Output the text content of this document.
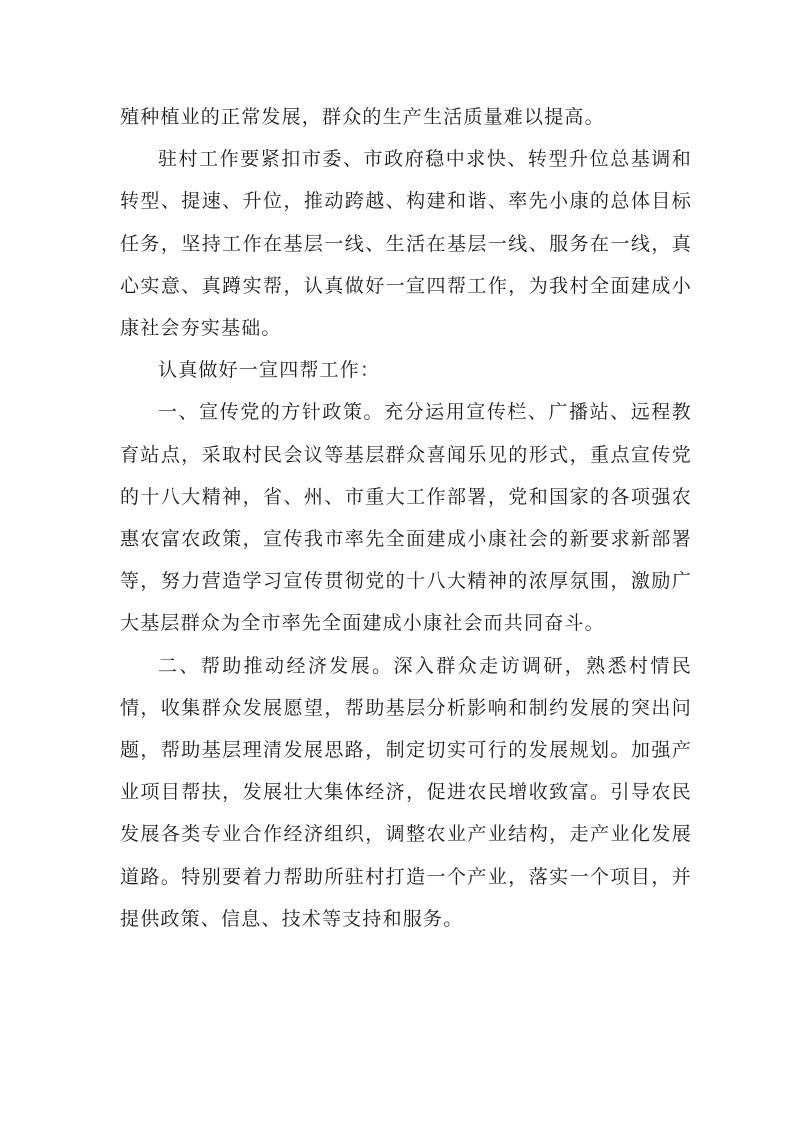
殖种植业的正常发展，群众的生产生活质量难以提高。

驻村工作要紧扣市委、市政府稳中求快、转型升位总基调和转型、提速、升位，推动跨越、构建和谐、率先小康的总体目标任务，坚持工作在基层一线、生活在基层一线、服务在一线，真心实意、真蹲实帮，认真做好一宣四帮工作，为我村全面建成小康社会夯实基础。

认真做好一宣四帮工作：

一、宣传党的方针政策。充分运用宣传栏、广播站、远程教育站点，采取村民会议等基层群众喜闻乐见的形式，重点宣传党的十八大精神，省、州、市重大工作部署，党和国家的各项强农惠农富农政策，宣传我市率先全面建成小康社会的新要求新部署等，努力营造学习宣传贯彻党的十八大精神的浓厚氛围，激励广大基层群众为全市率先全面建成小康社会而共同奋斗。

二、帮助推动经济发展。深入群众走访调研，熟悉村情民情，收集群众发展愿望，帮助基层分析影响和制约发展的突出问题，帮助基层理清发展思路，制定切实可行的发展规划。加强产业项目帮扶，发展壮大集体经济，促进农民增收致富。引导农民发展各类专业合作经济组织，调整农业产业结构，走产业化发展道路。特别要着力帮助所驻村打造一个产业，落实一个项目，并提供政策、信息、技术等支持和服务。
